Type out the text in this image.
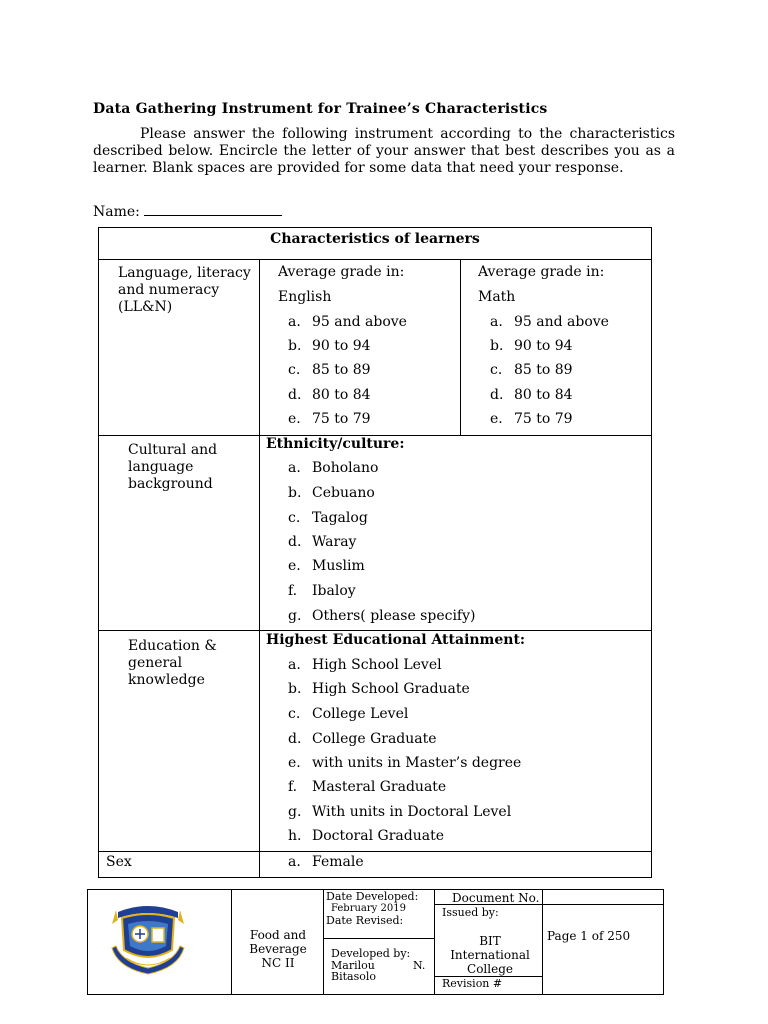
Data Gathering Instrument for Trainee’s Characteristics

Please answer the following instrument according to the characteristics described below. Encircle the letter of your answer that best describes you as a learner. Blank spaces are provided for some data that need your response.

Name:
Characteristics of learners
Language, literacy and numeracy (LL&N)
Average grade in:
English
a. 95 and above
b. 90 to 94
c. 85 to 89
d. 80 to 84
e. 75 to 79
Average grade in:
Math
a. 95 and above
b. 90 to 94
c. 85 to 89
d. 80 to 84
e. 75 to 79
Cultural and language background
Ethnicity/culture:
a. Boholano
b. Cebuano
c. Tagalog
d. Waray
e. Muslim
f. Ibaloy
g. Others( please specify)
Education & general knowledge
Highest Educational Attainment:
a. High School Level
b. High School Graduate
c. College Level
d. College Graduate
e. with units in Master’s degree
f. Masteral Graduate
g. With units in Doctoral Level
h. Doctoral Graduate
Sex	a. Female
Food and Beverage NC II
Date Developed:
February 2019
Date Revised:
Developed by:
Marilou	N.
Bitasolo
Document No.
Issued by:
BIT International College
Revision #
Page 1 of 250
